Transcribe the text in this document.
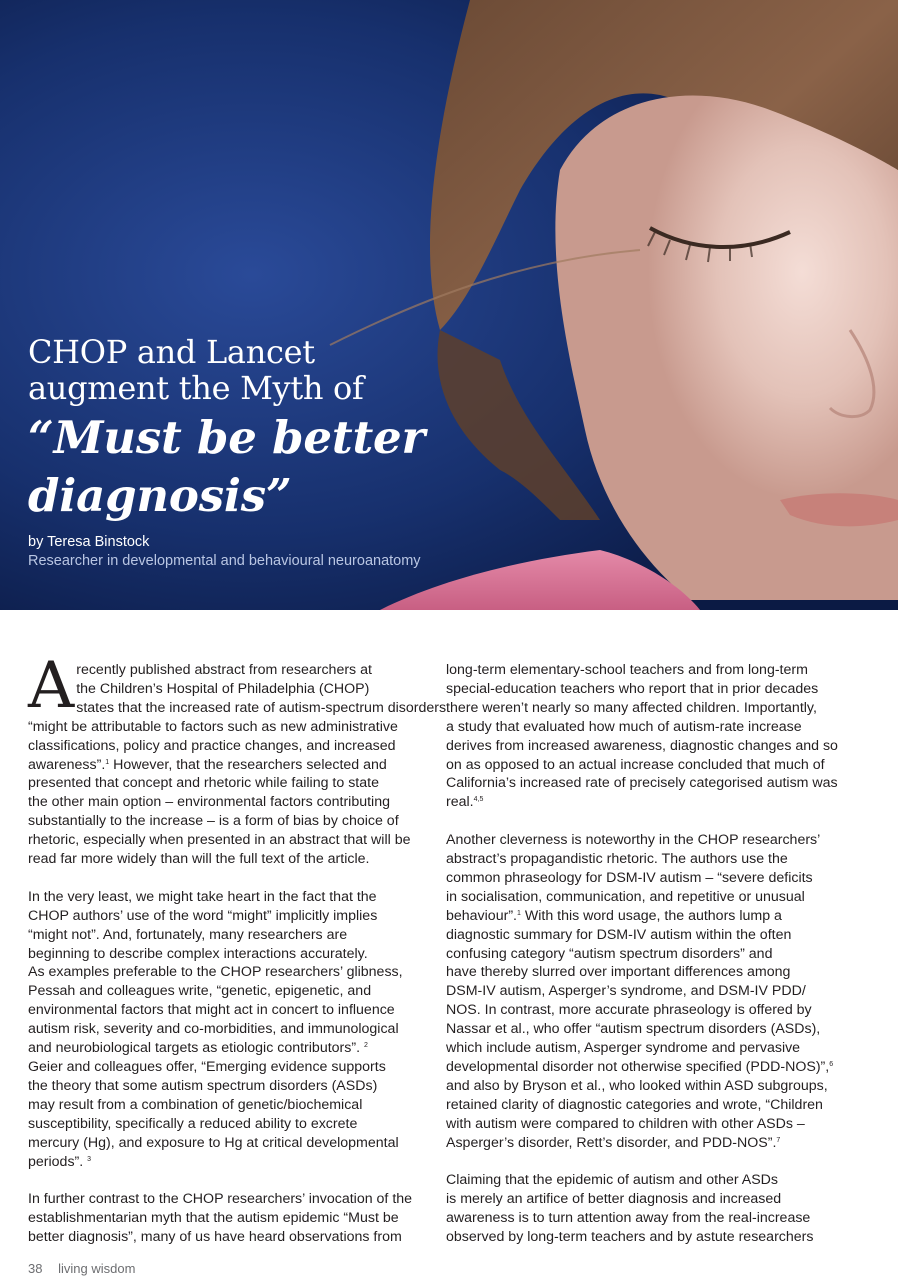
CHOP and Lancet
augment the Myth of
“Must be better
diagnosis”
by Teresa Binstock
Researcher in developmental and behavioural neuroanatomy

A recently published abstract from researchers at
the Children’s Hospital of Philadelphia (CHOP)
states that the increased rate of autism-spectrum disorders
“might be attributable to factors such as new administrative
classifications, policy and practice changes, and increased
awareness”.$^1$ However, that the researchers selected and
presented that concept and rhetoric while failing to state
the other main option – environmental factors contributing
substantially to the increase – is a form of bias by choice of
rhetoric, especially when presented in an abstract that will be
read far more widely than will the full text of the article.

In the very least, we might take heart in the fact that the
CHOP authors’ use of the word “might” implicitly implies
“might not”. And, fortunately, many researchers are
beginning to describe complex interactions accurately.
As examples preferable to the CHOP researchers’ glibness,
Pessah and colleagues write, “genetic, epigenetic, and
environmental factors that might act in concert to influence
autism risk, severity and co-morbidities, and immunological
and neurobiological targets as etiologic contributors”. $^2$
Geier and colleagues offer, “Emerging evidence supports
the theory that some autism spectrum disorders (ASDs)
may result from a combination of genetic/biochemical
susceptibility, specifically a reduced ability to excrete
mercury (Hg), and exposure to Hg at critical developmental
periods”. $^3$

In further contrast to the CHOP researchers’ invocation of the
establishmentarian myth that the autism epidemic “Must be
better diagnosis”, many of us have heard observations from

long-term elementary-school teachers and from long-term
special-education teachers who report that in prior decades
there weren’t nearly so many affected children. Importantly,
a study that evaluated how much of autism-rate increase
derives from increased awareness, diagnostic changes and so
on as opposed to an actual increase concluded that much of
California’s increased rate of precisely categorised autism was
real.$^{4,5}$

Another cleverness is noteworthy in the CHOP researchers’
abstract’s propagandistic rhetoric. The authors use the
common phraseology for DSM-IV autism – “severe deficits
in socialisation, communication, and repetitive or unusual
behaviour”.$^1$ With this word usage, the authors lump a
diagnostic summary for DSM-IV autism within the often
confusing category “autism spectrum disorders” and
have thereby slurred over important differences among
DSM-IV autism, Asperger’s syndrome, and DSM-IV PDD/
NOS. In contrast, more accurate phraseology is offered by
Nassar et al., who offer “autism spectrum disorders (ASDs),
which include autism, Asperger syndrome and pervasive
developmental disorder not otherwise specified (PDD-NOS)”,$^6$
and also by Bryson et al., who looked within ASD subgroups,
retained clarity of diagnostic categories and wrote, “Children
with autism were compared to children with other ASDs –
Asperger’s disorder, Rett’s disorder, and PDD-NOS”.$^7$

Claiming that the epidemic of autism and other ASDs
is merely an artifice of better diagnosis and increased
awareness is to turn attention away from the real-increase
observed by long-term teachers and by astute researchers

38 living wisdom
